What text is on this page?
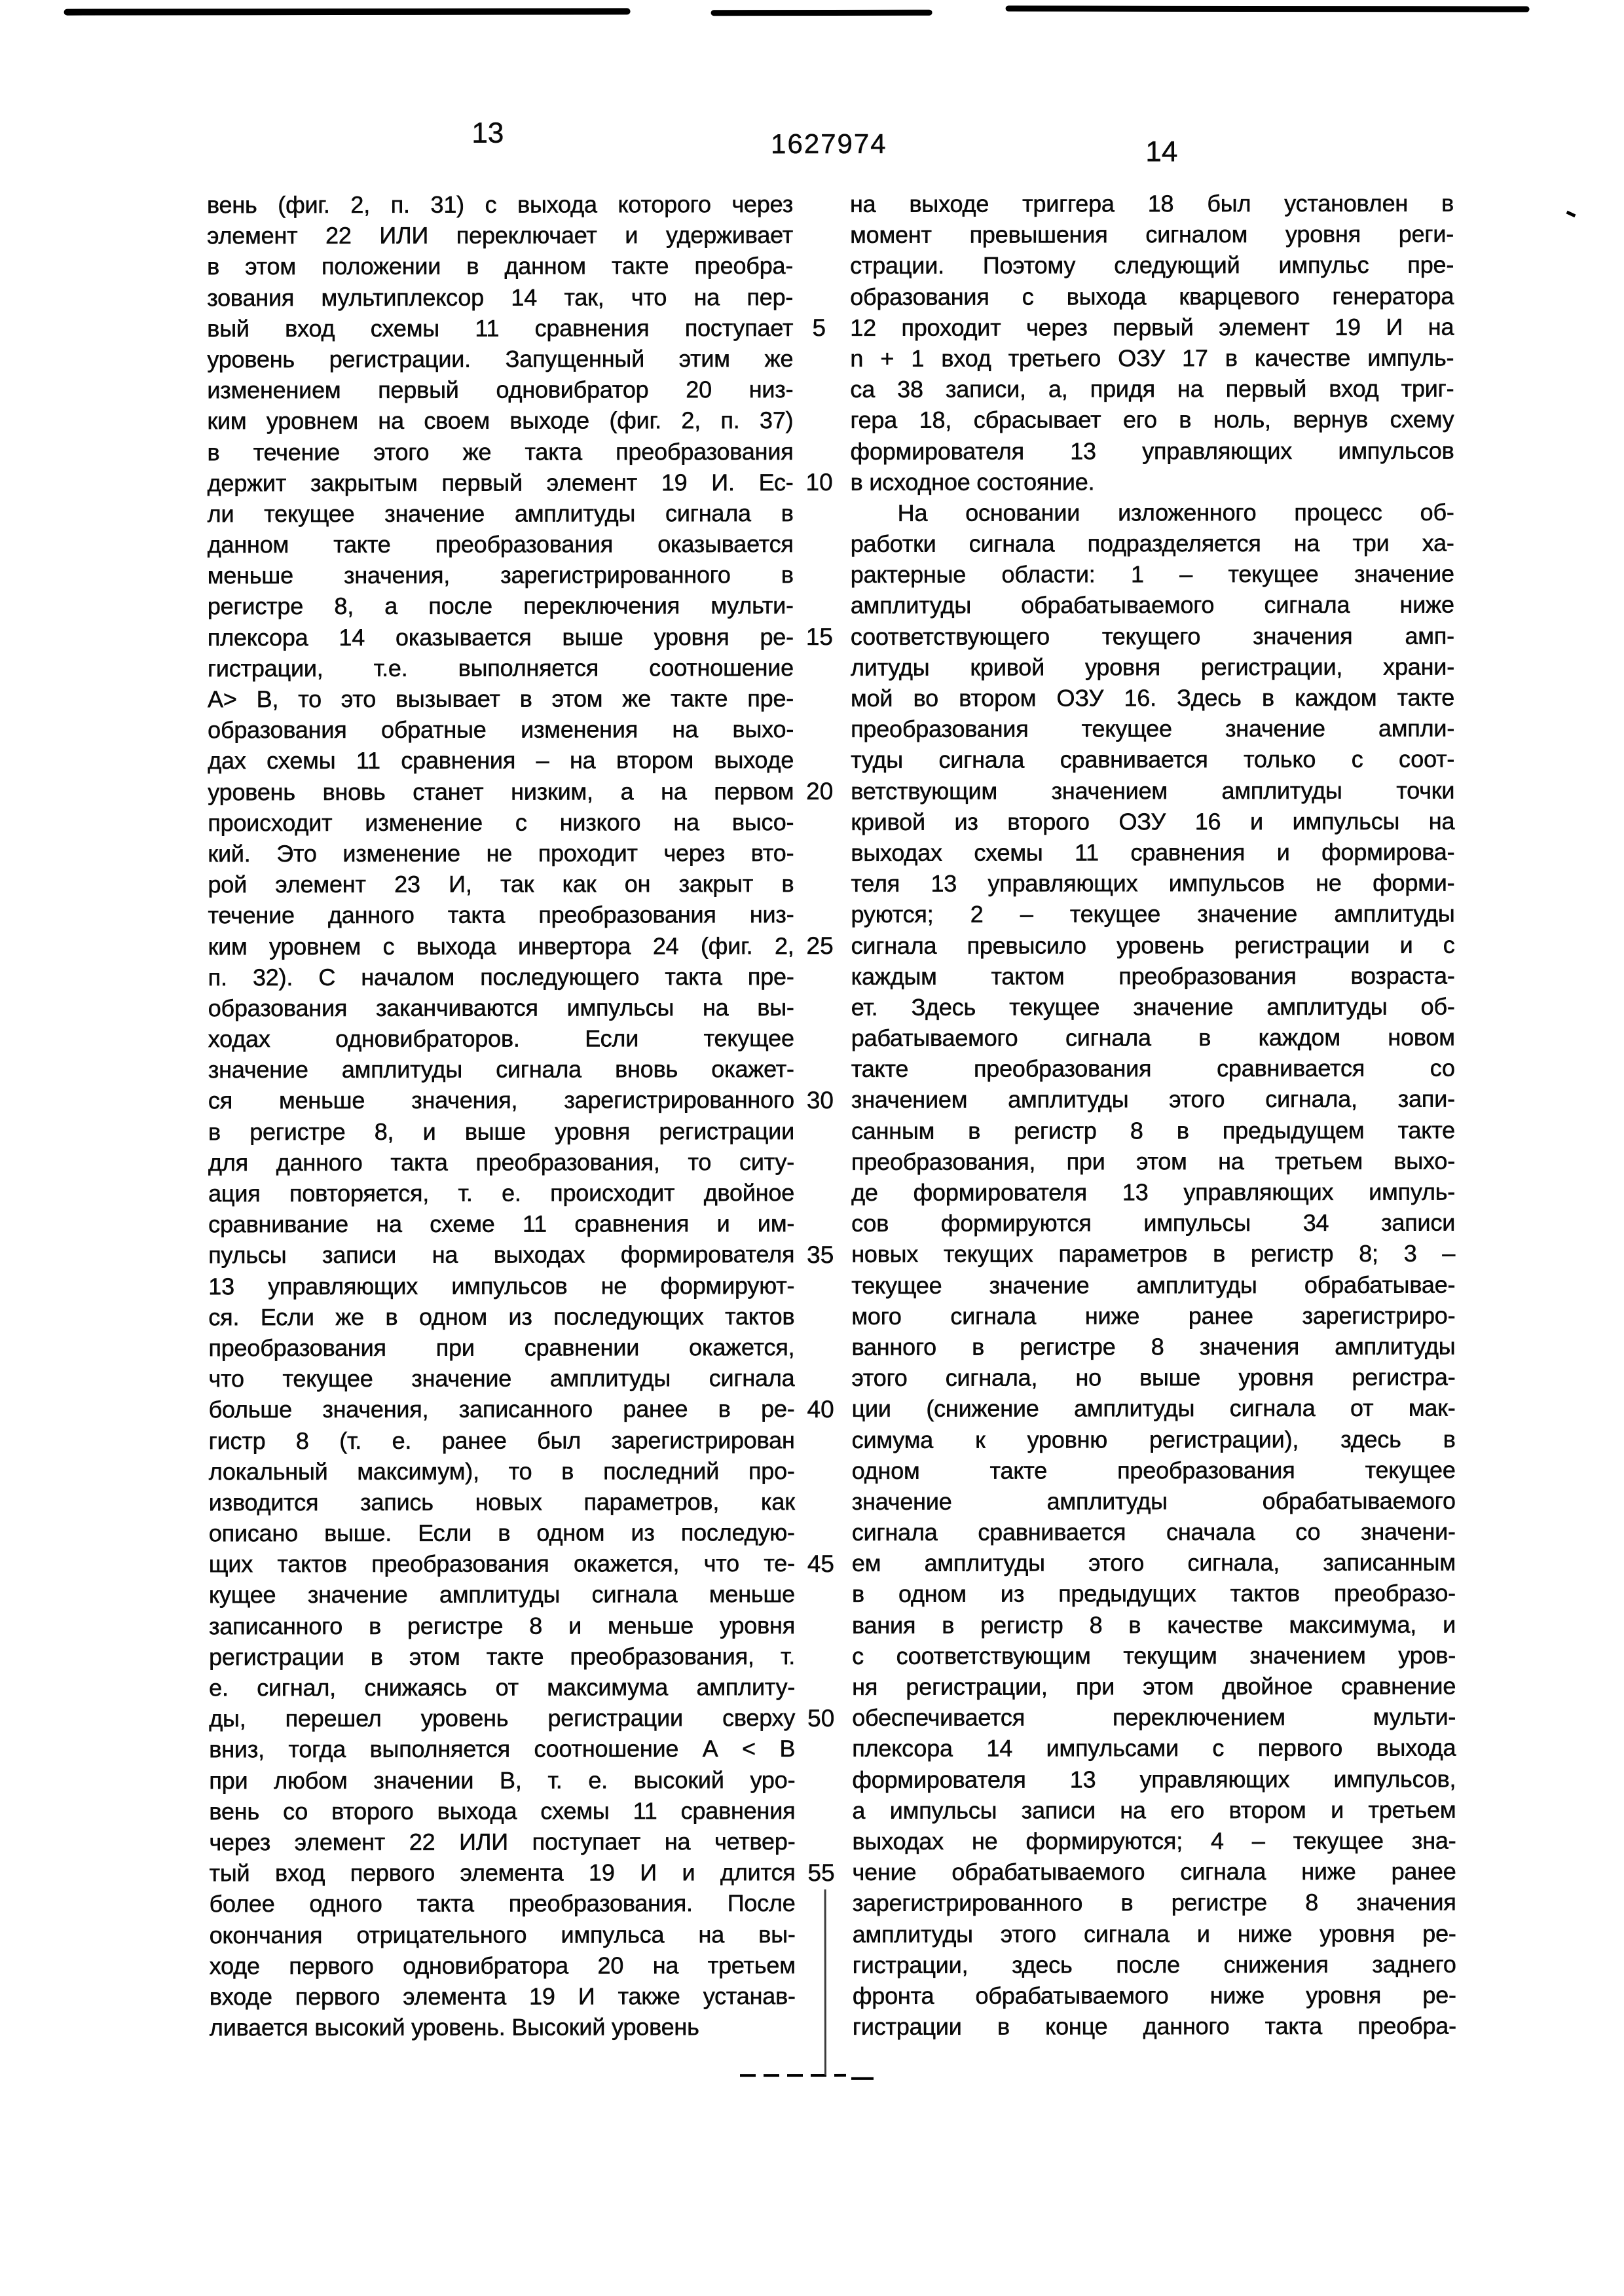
13	1627974	14
вень (фиг. 2, п. 31) с выхода которого через
элемент 22 ИЛИ переключает и удерживает
в этом положении в данном такте преобра-
зования мультиплексор 14 так, что на пер-
вый вход схемы 11 сравнения поступает
уровень регистрации. Запущенный этим же
изменением первый одновибратор 20 низ-
ким уровнем на своем выходе (фиг. 2, п. 37)
в течение этого же такта преобразования
держит закрытым первый элемент 19 И. Ес-
ли текущее значение амплитуды сигнала в
данном такте преобразования оказывается
меньше значения, зарегистрированного в
регистре 8, а после переключения мульти-
плексора 14 оказывается выше уровня ре-
гистрации, т.е. выполняется соотношение
А> В, то это вызывает в этом же такте пре-
образования обратные изменения на выхо-
дах схемы 11 сравнения – на втором выходе
уровень вновь станет низким, а на первом
происходит изменение с низкого на высо-
кий. Это изменение не проходит через вто-
рой элемент 23 И, так как он закрыт в
течение данного такта преобразования низ-
ким уровнем с выхода инвертора 24 (фиг. 2,
п. 32). С началом последующего такта пре-
образования заканчиваются импульсы на вы-
ходах одновибраторов. Если текущее
значение амплитуды сигнала вновь окажет-
ся меньше значения, зарегистрированного
в регистре 8, и выше уровня регистрации
для данного такта преобразования, то ситу-
ация повторяется, т. е. происходит двойное
сравнивание на схеме 11 сравнения и им-
пульсы записи на выходах формирователя
13 управляющих импульсов не формируют-
ся. Если же в одном из последующих тактов
преобразования при сравнении окажется,
что текущее значение амплитуды сигнала
больше значения, записанного ранее в ре-
гистр 8 (т. е. ранее был зарегистрирован
локальный максимум), то в последний про-
изводится запись новых параметров, как
описано выше. Если в одном из последую-
щих тактов преобразования окажется, что те-
кущее значение амплитуды сигнала меньше
записанного в регистре 8 и меньше уровня
регистрации в этом такте преобразования, т.
е. сигнал, снижаясь от максимума амплиту-
ды, перешел уровень регистрации сверху
вниз, тогда выполняется соотношение А < В
при любом значении В, т. е. высокий уро-
вень со второго выхода схемы 11 сравнения
через элемент 22 ИЛИ поступает на четвер-
тый вход первого элемента 19 И и длится
более одного такта преобразования. После
окончания отрицательного импульса на вы-
ходе первого одновибратора 20 на третьем
входе первого элемента 19 И также устанав-
ливается высокий уровень. Высокий уровень
на выходе триггера 18 был установлен в
момент превышения сигналом уровня реги-
страции. Поэтому следующий импульс пре-
образования с выхода кварцевого генератора
12 проходит через первый элемент 19 И на
n + 1 вход третьего ОЗУ 17 в качестве импуль-
са 38 записи, а, придя на первый вход триг-
гера 18, сбрасывает его в ноль, вернув схему
формирователя 13 управляющих импульсов
в исходное состояние.
На основании изложенного процесс об-
работки сигнала подразделяется на три ха-
рактерные области: 1 – текущее значение
амплитуды обрабатываемого сигнала ниже
соответствующего текущего значения амп-
литуды кривой уровня регистрации, храни-
мой во втором ОЗУ 16. Здесь в каждом такте
преобразования текущее значение ампли-
туды сигнала сравнивается только с соот-
ветствующим значением амплитуды точки
кривой из второго ОЗУ 16 и импульсы на
выходах схемы 11 сравнения и формирова-
теля 13 управляющих импульсов не форми-
руются; 2 – текущее значение амплитуды
сигнала превысило уровень регистрации и с
каждым тактом преобразования возраста-
ет. Здесь текущее значение амплитуды об-
рабатываемого сигнала в каждом новом
такте преобразования сравнивается со
значением амплитуды этого сигнала, запи-
санным в регистр 8 в предыдущем такте
преобразования, при этом на третьем выхо-
де формирователя 13 управляющих импуль-
сов формируются импульсы 34 записи
новых текущих параметров в регистр 8; 3 –
текущее значение амплитуды обрабатывае-
мого сигнала ниже ранее зарегистриро-
ванного в регистре 8 значения амплитуды
этого сигнала, но выше уровня регистра-
ции (снижение амплитуды сигнала от мак-
симума к уровню регистрации), здесь в
одном такте преобразования текущее
значение амплитуды обрабатываемого
сигнала сравнивается сначала со значени-
ем амплитуды этого сигнала, записанным
в одном из предыдущих тактов преобразо-
вания в регистр 8 в качестве максимума, и
с соответствующим текущим значением уров-
ня регистрации, при этом двойное сравнение
обеспечивается переключением мульти-
плексора 14 импульсами с первого выхода
формирователя 13 управляющих импульсов,
а импульсы записи на его втором и третьем
выходах не формируются; 4 – текущее зна-
чение обрабатываемого сигнала ниже ранее
зарегистрированного в регистре 8 значения
амплитуды этого сигнала и ниже уровня ре-
гистрации, здесь после снижения заднего
фронта обрабатываемого ниже уровня ре-
гистрации в конце данного такта преобра-
5
10
15
20
25
30
35
40
45
50
55
